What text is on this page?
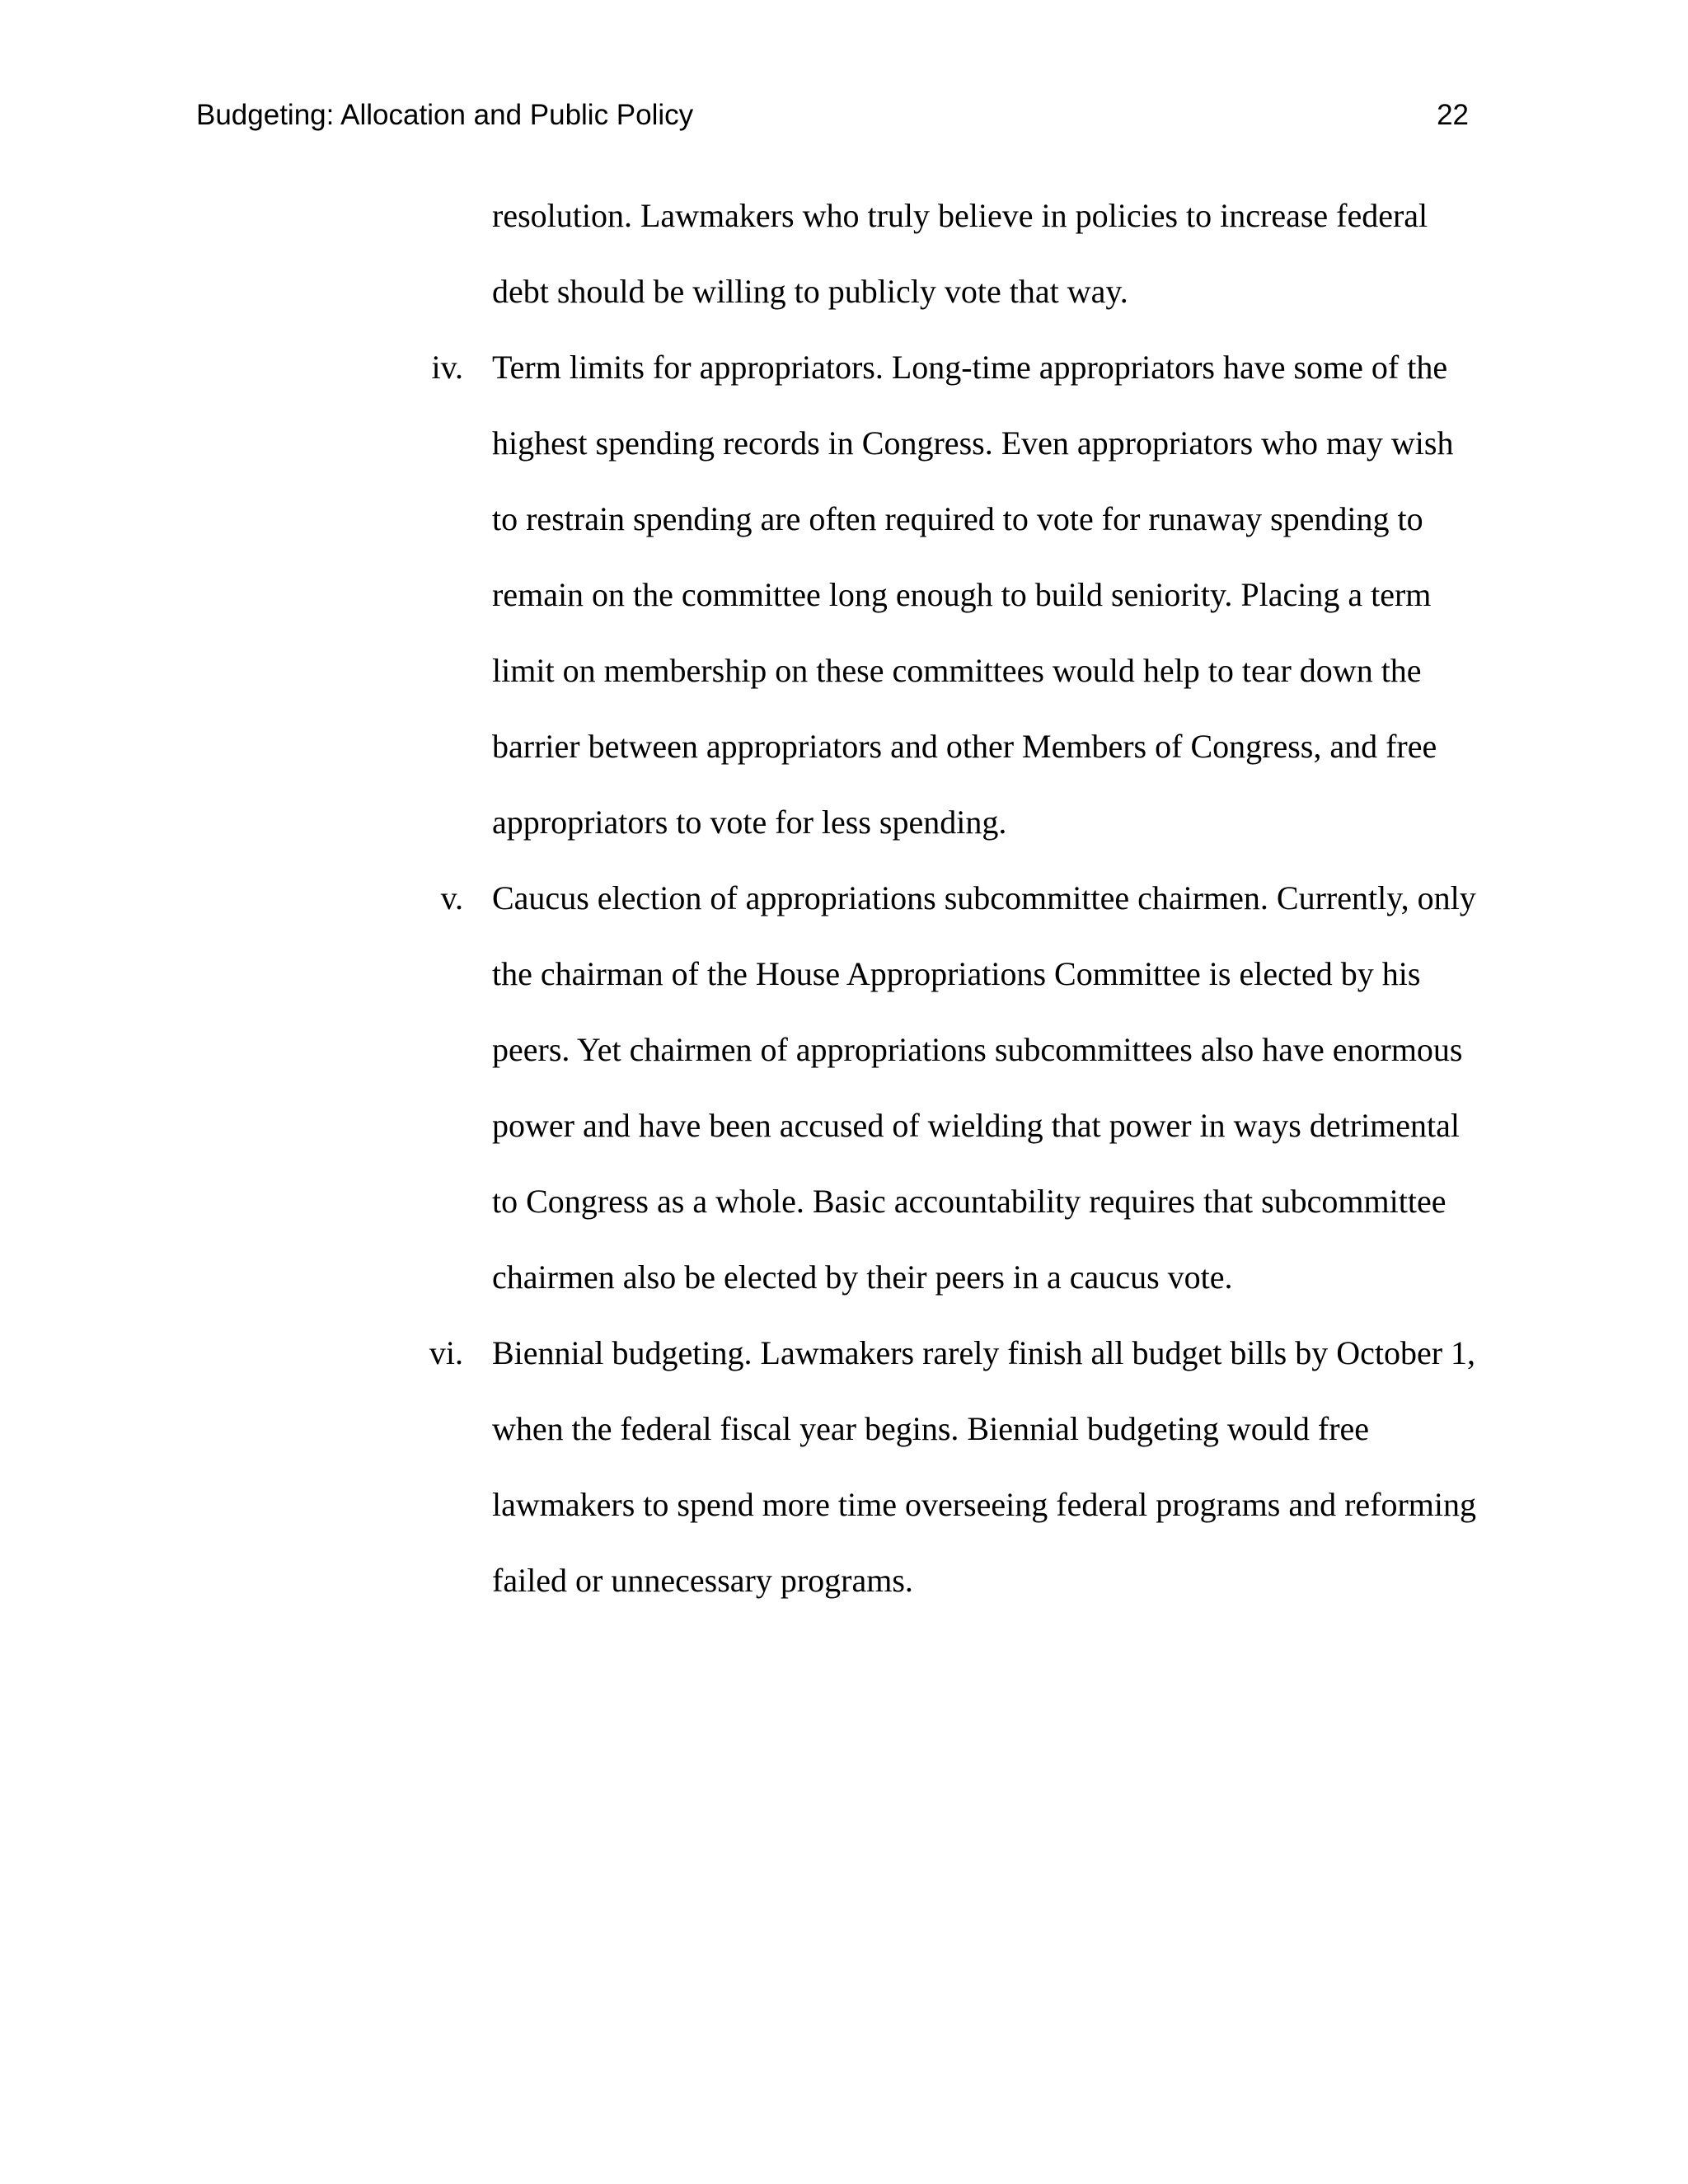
Budgeting: Allocation and Public Policy	22
resolution. Lawmakers who truly believe in policies to increase federal
debt should be willing to publicly vote that way.
iv. Term limits for appropriators. Long-time appropriators have some of the
highest spending records in Congress. Even appropriators who may wish
to restrain spending are often required to vote for runaway spending to
remain on the committee long enough to build seniority. Placing a term
limit on membership on these committees would help to tear down the
barrier between appropriators and other Members of Congress, and free
appropriators to vote for less spending.
v. Caucus election of appropriations subcommittee chairmen. Currently, only
the chairman of the House Appropriations Committee is elected by his
peers. Yet chairmen of appropriations subcommittees also have enormous
power and have been accused of wielding that power in ways detrimental
to Congress as a whole. Basic accountability requires that subcommittee
chairmen also be elected by their peers in a caucus vote.
vi. Biennial budgeting. Lawmakers rarely finish all budget bills by October 1,
when the federal fiscal year begins. Biennial budgeting would free
lawmakers to spend more time overseeing federal programs and reforming
failed or unnecessary programs.
